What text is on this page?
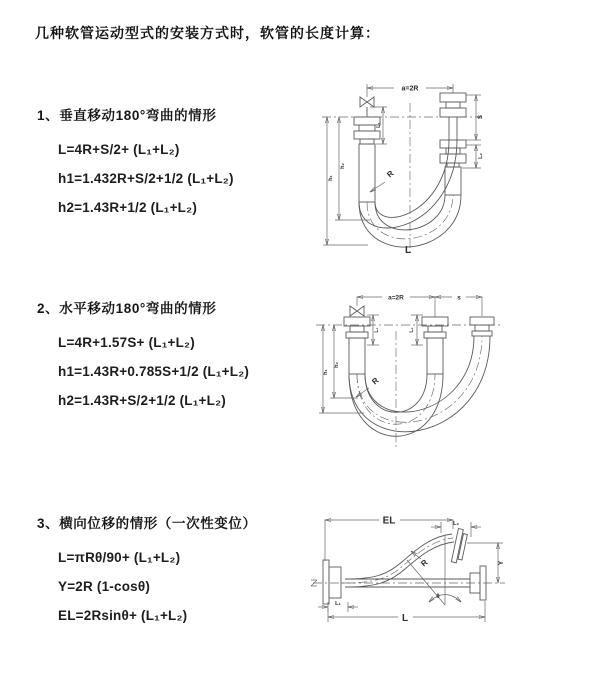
几种软管运动型式的安装方式时，软管的长度计算：
1、垂直移动180°弯曲的情形
L=4R+S/2+ (L₁+L₂)
h1=1.432R+S/2+1/2 (L₁+L₂)
h2=1.43R+1/2 (L₁+L₂)
2、水平移动180°弯曲的情形
L=4R+1.57S+ (L₁+L₂)
h1=1.43R+0.785S+1/2 (L₁+L₂)
h2=1.43R+S/2+1/2 (L₁+L₂)
3、横向位移的情形（一次性变位）
L=πRθ/90+ (L₁+L₂)
Y=2R (1-cosθ)
EL=2Rsinθ+ (L₁+L₂)
a=2R
S
L₂
L₁
h₁
h₂
R
L
a=2R	s
L₁	L₂
h₁
h₂
R
EL	L₂
θ
R	Y
L₁
L
